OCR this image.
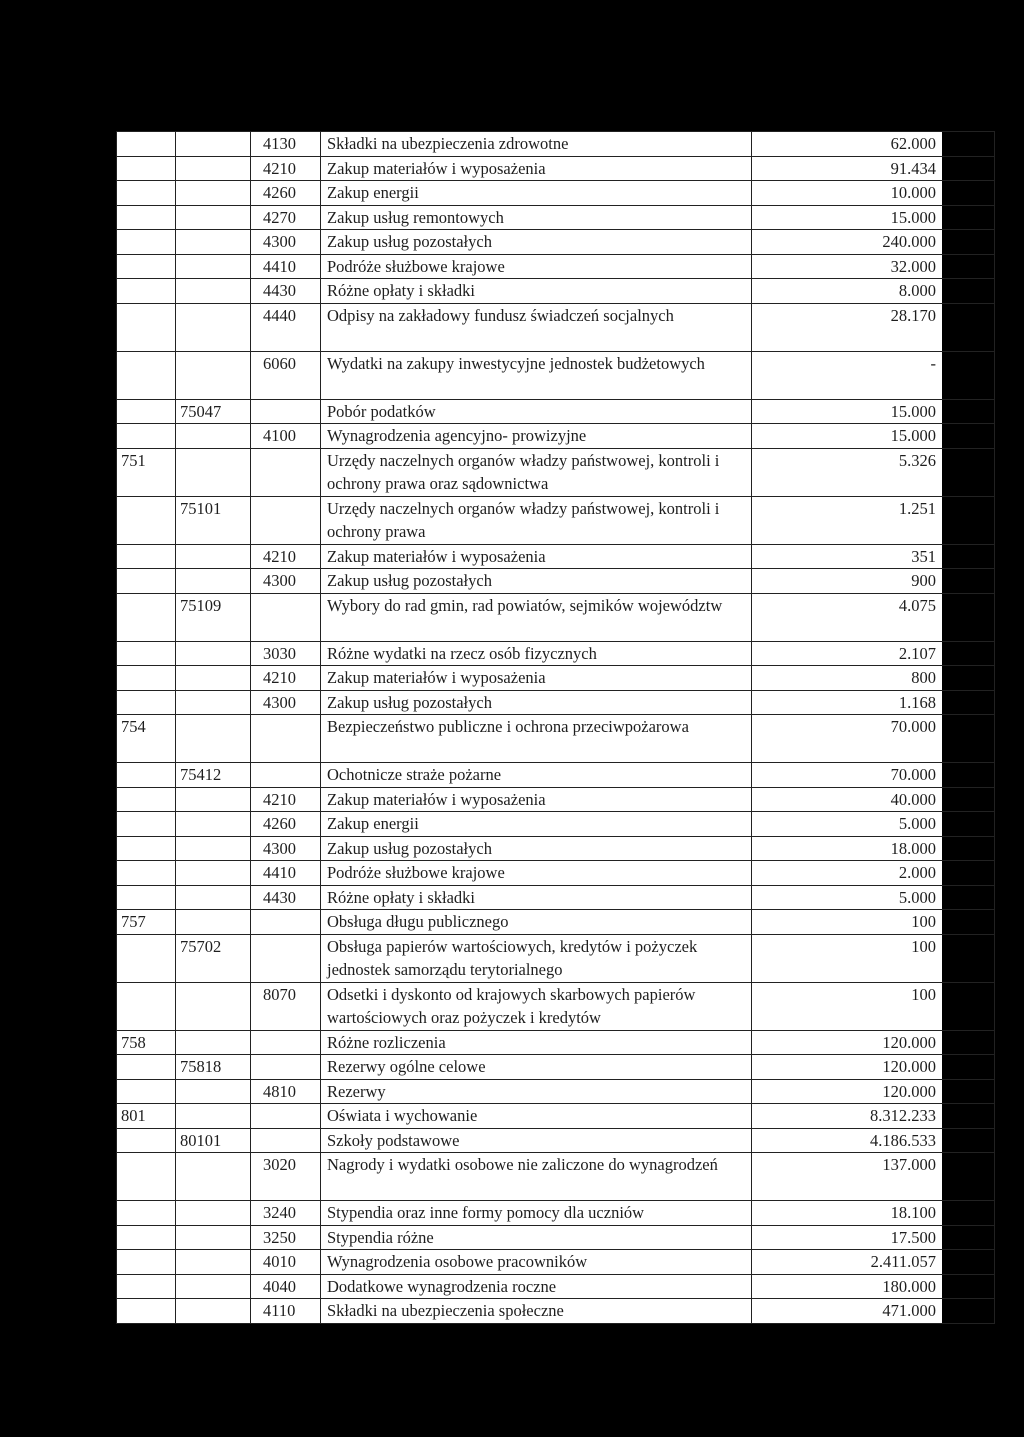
		4130	Składki na ubezpieczenia zdrowotne	62.000
		4210	Zakup materiałów i wyposażenia	91.434
		4260	Zakup energii	10.000
		4270	Zakup usług remontowych	15.000
		4300	Zakup usług pozostałych	240.000
		4410	Podróże służbowe krajowe	32.000
		4430	Różne opłaty i składki	8.000
		4440	Odpisy na zakładowy fundusz świadczeń socjalnych	28.170
		6060	Wydatki na zakupy inwestycyjne jednostek budżetowych	-
	75047		Pobór podatków	15.000
		4100	Wynagrodzenia agencyjno- prowizyjne	15.000
751			Urzędy naczelnych organów władzy państwowej, kontroli i ochrony prawa oraz sądownictwa	5.326
	75101		Urzędy naczelnych organów władzy państwowej, kontroli i ochrony prawa	1.251
		4210	Zakup materiałów i wyposażenia	351
		4300	Zakup usług pozostałych	900
	75109		Wybory do rad gmin, rad powiatów, sejmików województw	4.075
		3030	Różne wydatki na rzecz osób fizycznych	2.107
		4210	Zakup materiałów i wyposażenia	800
		4300	Zakup usług pozostałych	1.168
754			Bezpieczeństwo publiczne i ochrona przeciwpożarowa	70.000
	75412		Ochotnicze straże pożarne	70.000
		4210	Zakup materiałów i wyposażenia	40.000
		4260	Zakup energii	5.000
		4300	Zakup usług pozostałych	18.000
		4410	Podróże służbowe krajowe	2.000
		4430	Różne opłaty i składki	5.000
757			Obsługa długu publicznego	100
	75702		Obsługa papierów wartościowych, kredytów i pożyczek jednostek samorządu terytorialnego	100
		8070	Odsetki i dyskonto od krajowych skarbowych papierów wartościowych oraz pożyczek i kredytów	100
758			Różne rozliczenia	120.000
	75818		Rezerwy ogólne celowe	120.000
		4810	Rezerwy	120.000
801			Oświata i wychowanie	8.312.233
	80101		Szkoły podstawowe	4.186.533
		3020	Nagrody i wydatki osobowe nie zaliczone do wynagrodzeń	137.000
		3240	Stypendia oraz inne formy pomocy dla uczniów	18.100
		3250	Stypendia różne	17.500
		4010	Wynagrodzenia osobowe pracowników	2.411.057
		4040	Dodatkowe wynagrodzenia roczne	180.000
		4110	Składki na ubezpieczenia społeczne	471.000
